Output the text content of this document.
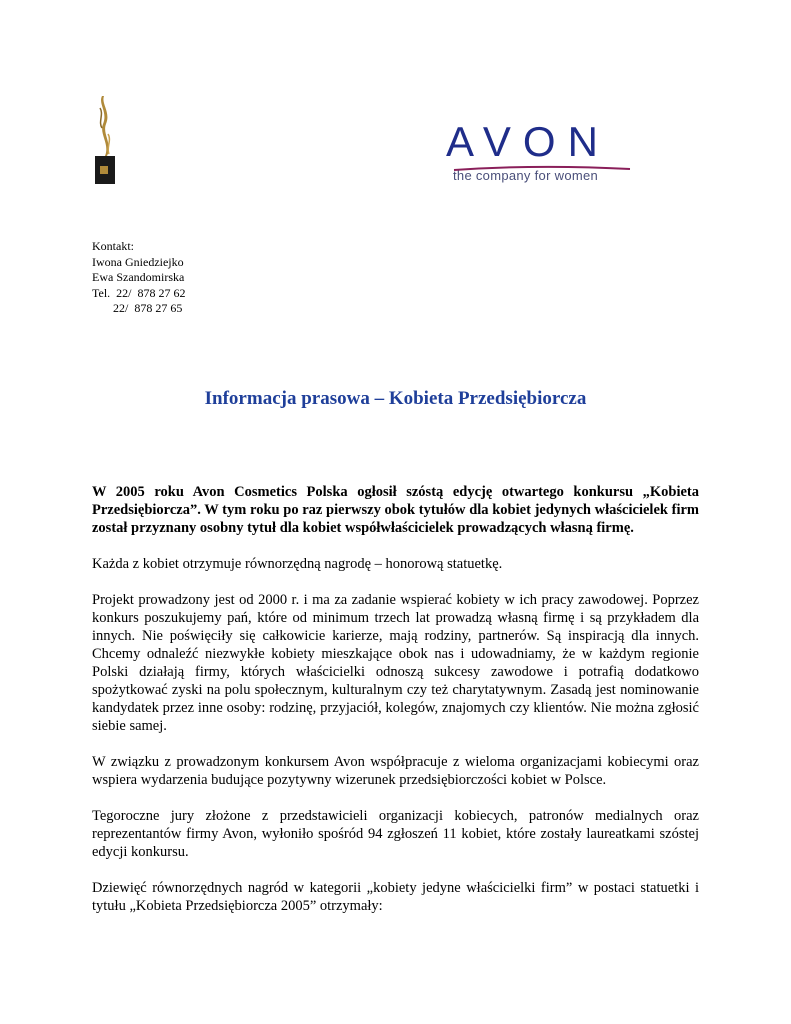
AVON
the company for women
Kontakt:
Iwona Gniedziejko
Ewa Szandomirska
Tel.  22/  878 27 62
22/  878 27 65
Informacja prasowa – Kobieta Przedsiębiorcza

W 2005 roku Avon Cosmetics Polska ogłosił szóstą edycję otwartego konkursu „Kobieta Przedsiębiorcza”. W tym roku po raz pierwszy obok tytułów dla kobiet jedynych właścicielek firm został przyznany osobny tytuł dla kobiet współwłaścicielek prowadzących własną firmę.

Każda z kobiet otrzymuje równorzędną nagrodę – honorową statuetkę.

Projekt prowadzony jest od 2000 r. i ma za zadanie wspierać kobiety w ich pracy zawodowej. Poprzez konkurs poszukujemy pań, które od minimum trzech lat prowadzą własną firmę i są przykładem dla innych. Nie poświęciły się całkowicie karierze, mają rodziny, partnerów. Są inspiracją dla innych. Chcemy odnaleźć niezwykłe kobiety mieszkające obok nas i udowadniamy, że w każdym regionie Polski działają firmy, których właścicielki odnoszą sukcesy zawodowe i potrafią dodatkowo spożytkować zyski na polu społecznym, kulturalnym czy też charytatywnym. Zasadą jest nominowanie kandydatek przez inne osoby: rodzinę, przyjaciół, kolegów, znajomych czy klientów. Nie można zgłosić siebie samej.

W związku z prowadzonym konkursem Avon współpracuje z wieloma organizacjami kobiecymi oraz wspiera wydarzenia budujące pozytywny wizerunek przedsiębiorczości kobiet w Polsce.

Tegoroczne jury złożone z przedstawicieli organizacji kobiecych, patronów medialnych oraz reprezentantów firmy Avon, wyłoniło spośród 94 zgłoszeń 11 kobiet, które zostały laureatkami szóstej edycji konkursu.

Dziewięć równorzędnych nagród w kategorii „kobiety jedyne właścicielki firm” w postaci statuetki i tytułu „Kobieta Przedsiębiorcza 2005” otrzymały:
